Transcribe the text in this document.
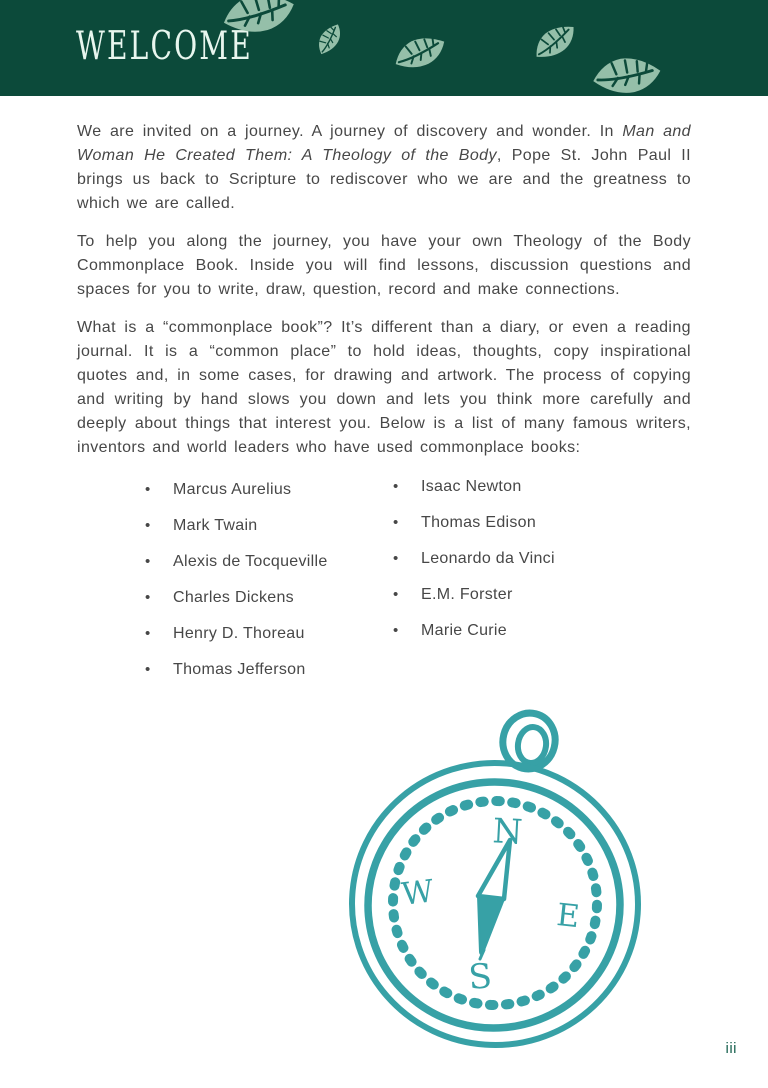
WELCOME

We are invited on a journey. A journey of discovery and wonder. In Man and Woman He Created Them: A Theology of the Body, Pope St. John Paul II brings us back to Scripture to rediscover who we are and the greatness to which we are called.

To help you along the journey, you have your own Theology of the Body Commonplace Book. Inside you will find lessons, discussion questions and spaces for you to write, draw, question, record and make connections.

What is a “commonplace book”? It’s different than a diary, or even a reading journal. It is a “common place” to hold ideas, thoughts, copy inspirational quotes and, in some cases, for drawing and artwork. The process of copying and writing by hand slows you down and lets you think more carefully and deeply about things that interest you. Below is a list of many famous writers, inventors and world leaders who have used commonplace books:

• Marcus Aurelius
• Mark Twain
• Alexis de Tocqueville
• Charles Dickens
• Henry D. Thoreau
• Thomas Jefferson
• Isaac Newton
• Thomas Edison
• Leonardo da Vinci
• E.M. Forster
• Marie Curie
N
W
E
S
iii
